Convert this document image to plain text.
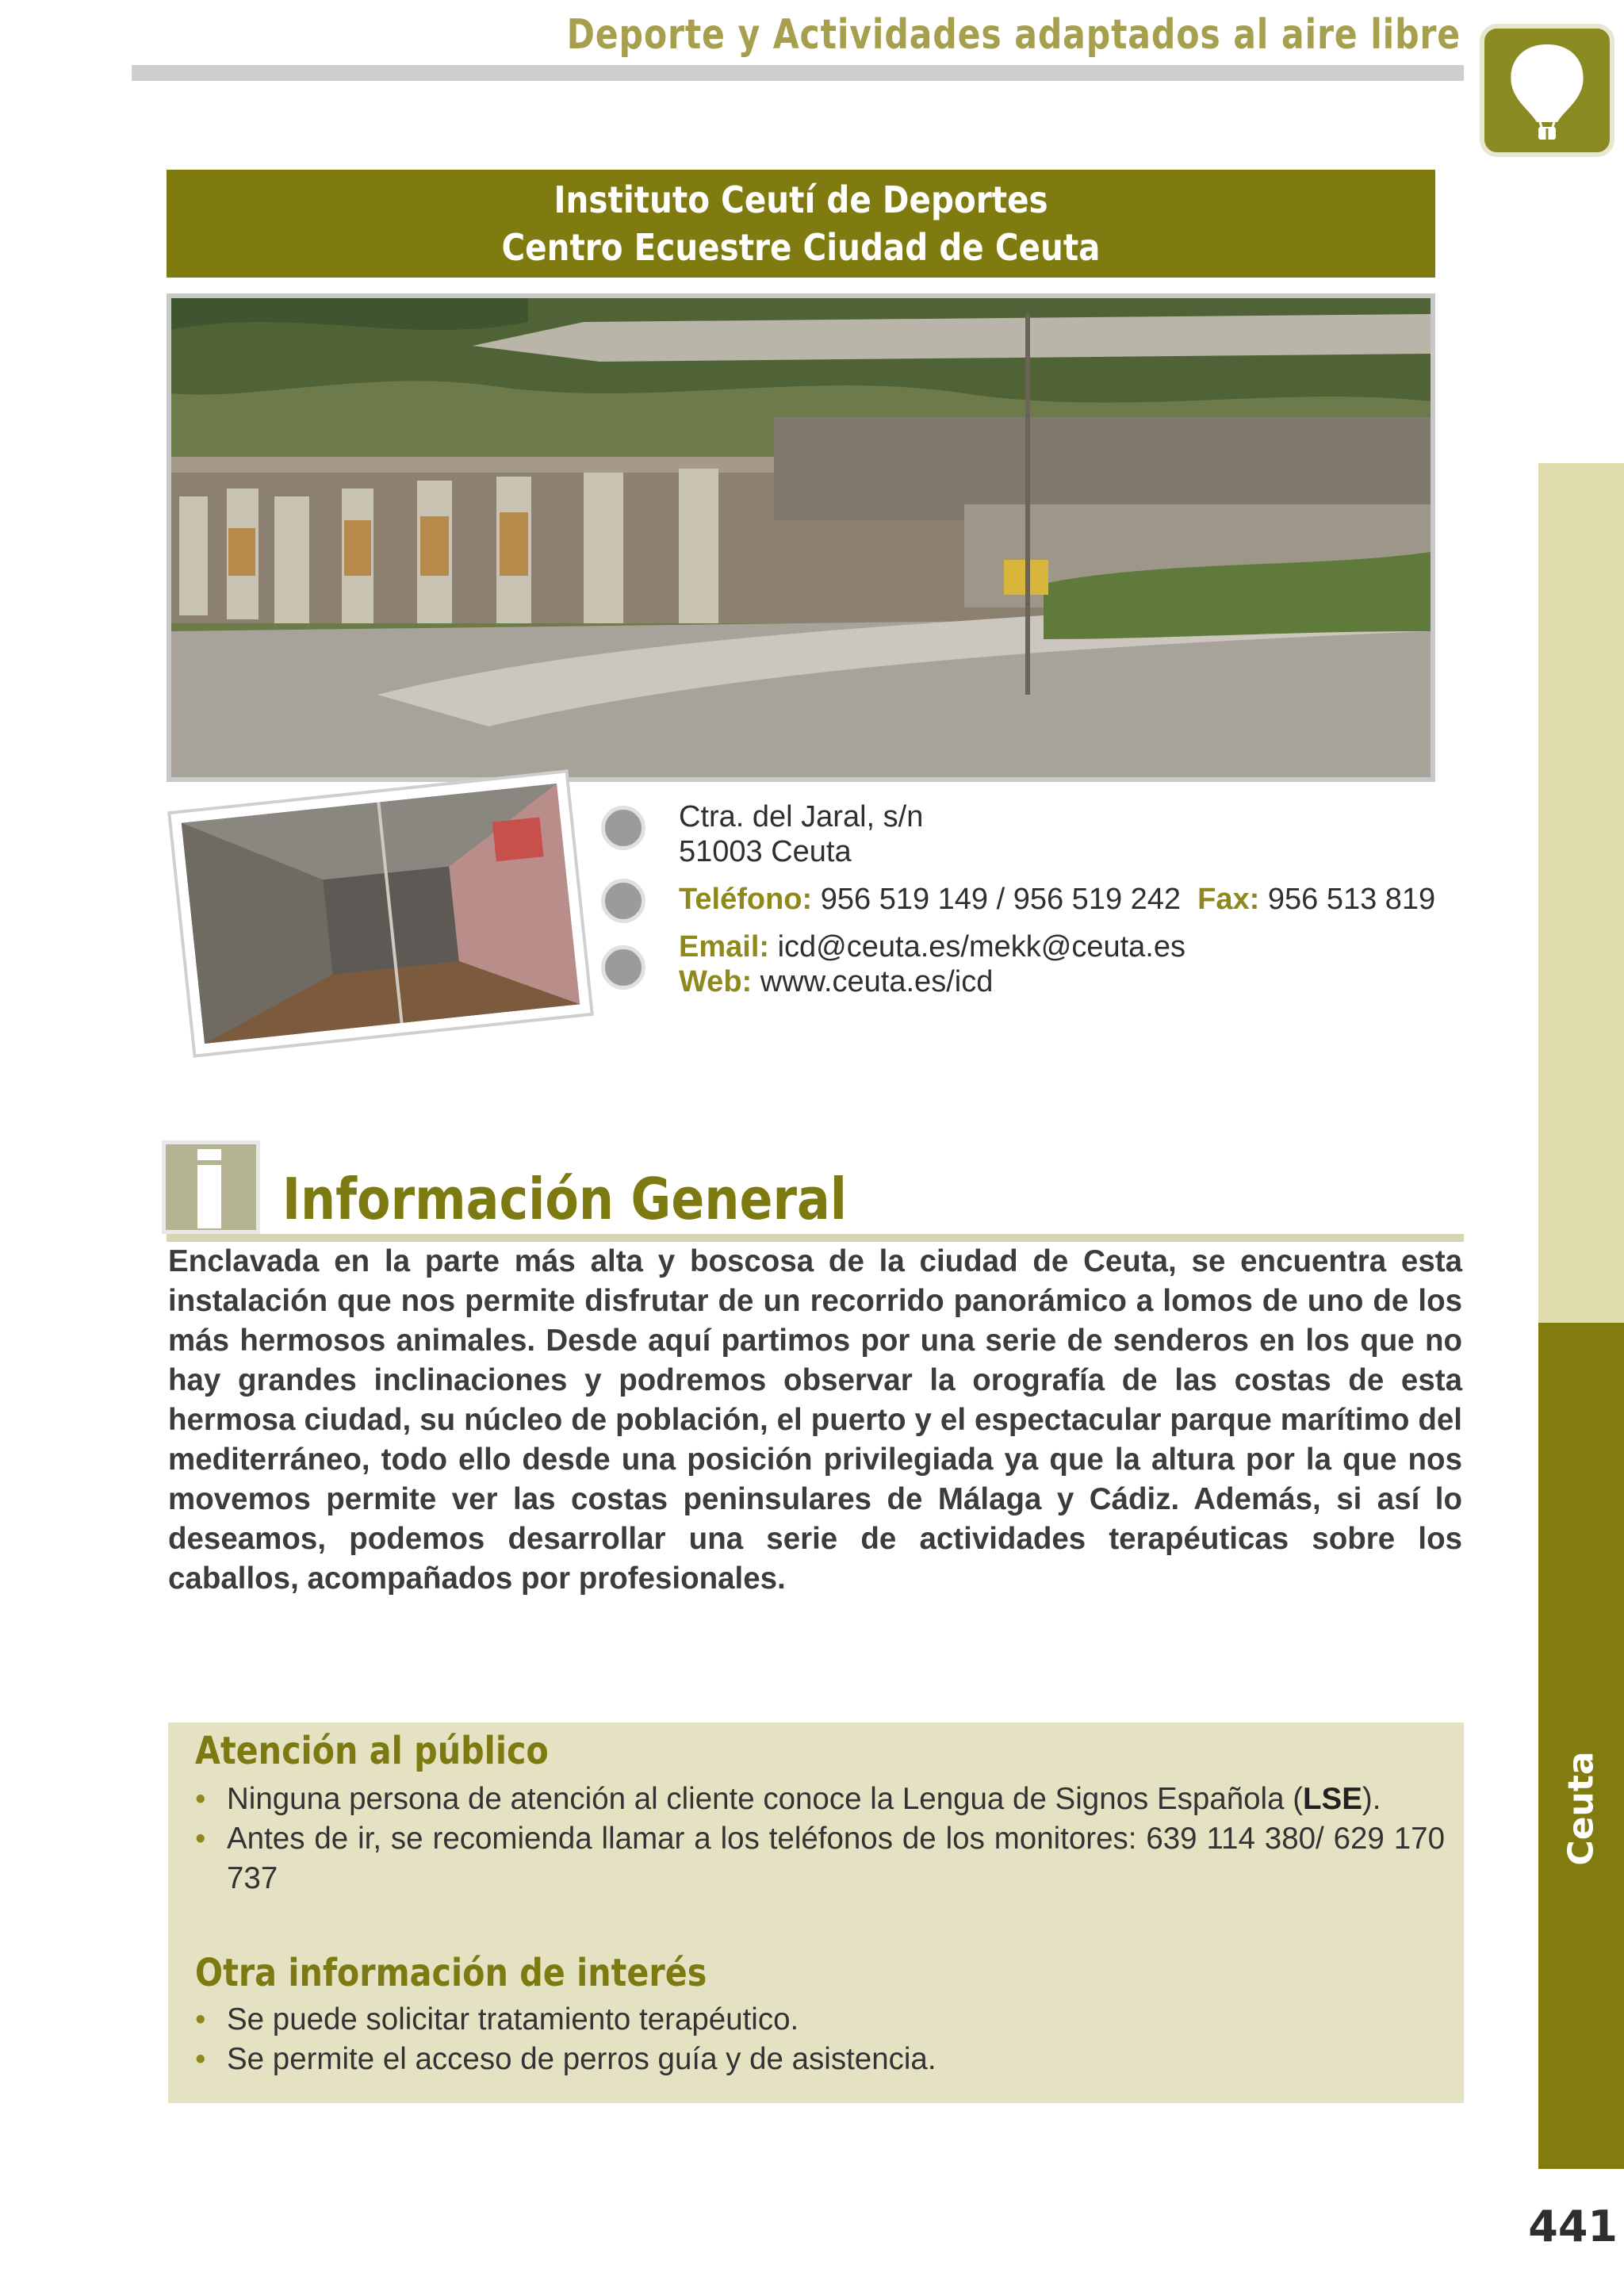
Deporte y Actividades adaptados al aire libre
Ceuta
Instituto Ceutí de Deportes
Centro Ecuestre Ciudad de Ceuta
Ctra. del Jaral, s/n
51003 Ceuta
Teléfono: 956 519 149 / 956 519 242 Fax: 956 513 819
Email: icd@ceuta.es/mekk@ceuta.es
Web: www.ceuta.es/icd
Información General

Enclavada en la parte más alta y boscosa de la ciudad de Ceuta, se encuentra esta instalación que nos permite disfrutar de un recorrido panorámico a lomos de uno de los más hermosos animales. Desde aquí partimos por una serie de senderos en los que no hay grandes inclinaciones y podremos observar la orografía de las costas de esta hermosa ciudad, su núcleo de población, el puerto y el espectacular parque marítimo del mediterráneo, todo ello desde una posición privilegiada ya que la altura por la que nos movemos permite ver las costas peninsulares de Málaga y Cádiz. Además, si así lo deseamos, podemos desarrollar una serie de actividades terapéuticas sobre los caballos, acompañados por profesionales.

Atención al público
• Ninguna persona de atención al cliente conoce la Lengua de Signos Española (LSE).
• Antes de ir, se recomienda llamar a los teléfonos de los monitores: 639 114 380/ 629 170 737
Otra información de interés
• Se puede solicitar tratamiento terapéutico.
• Se permite el acceso de perros guía y de asistencia.
441
